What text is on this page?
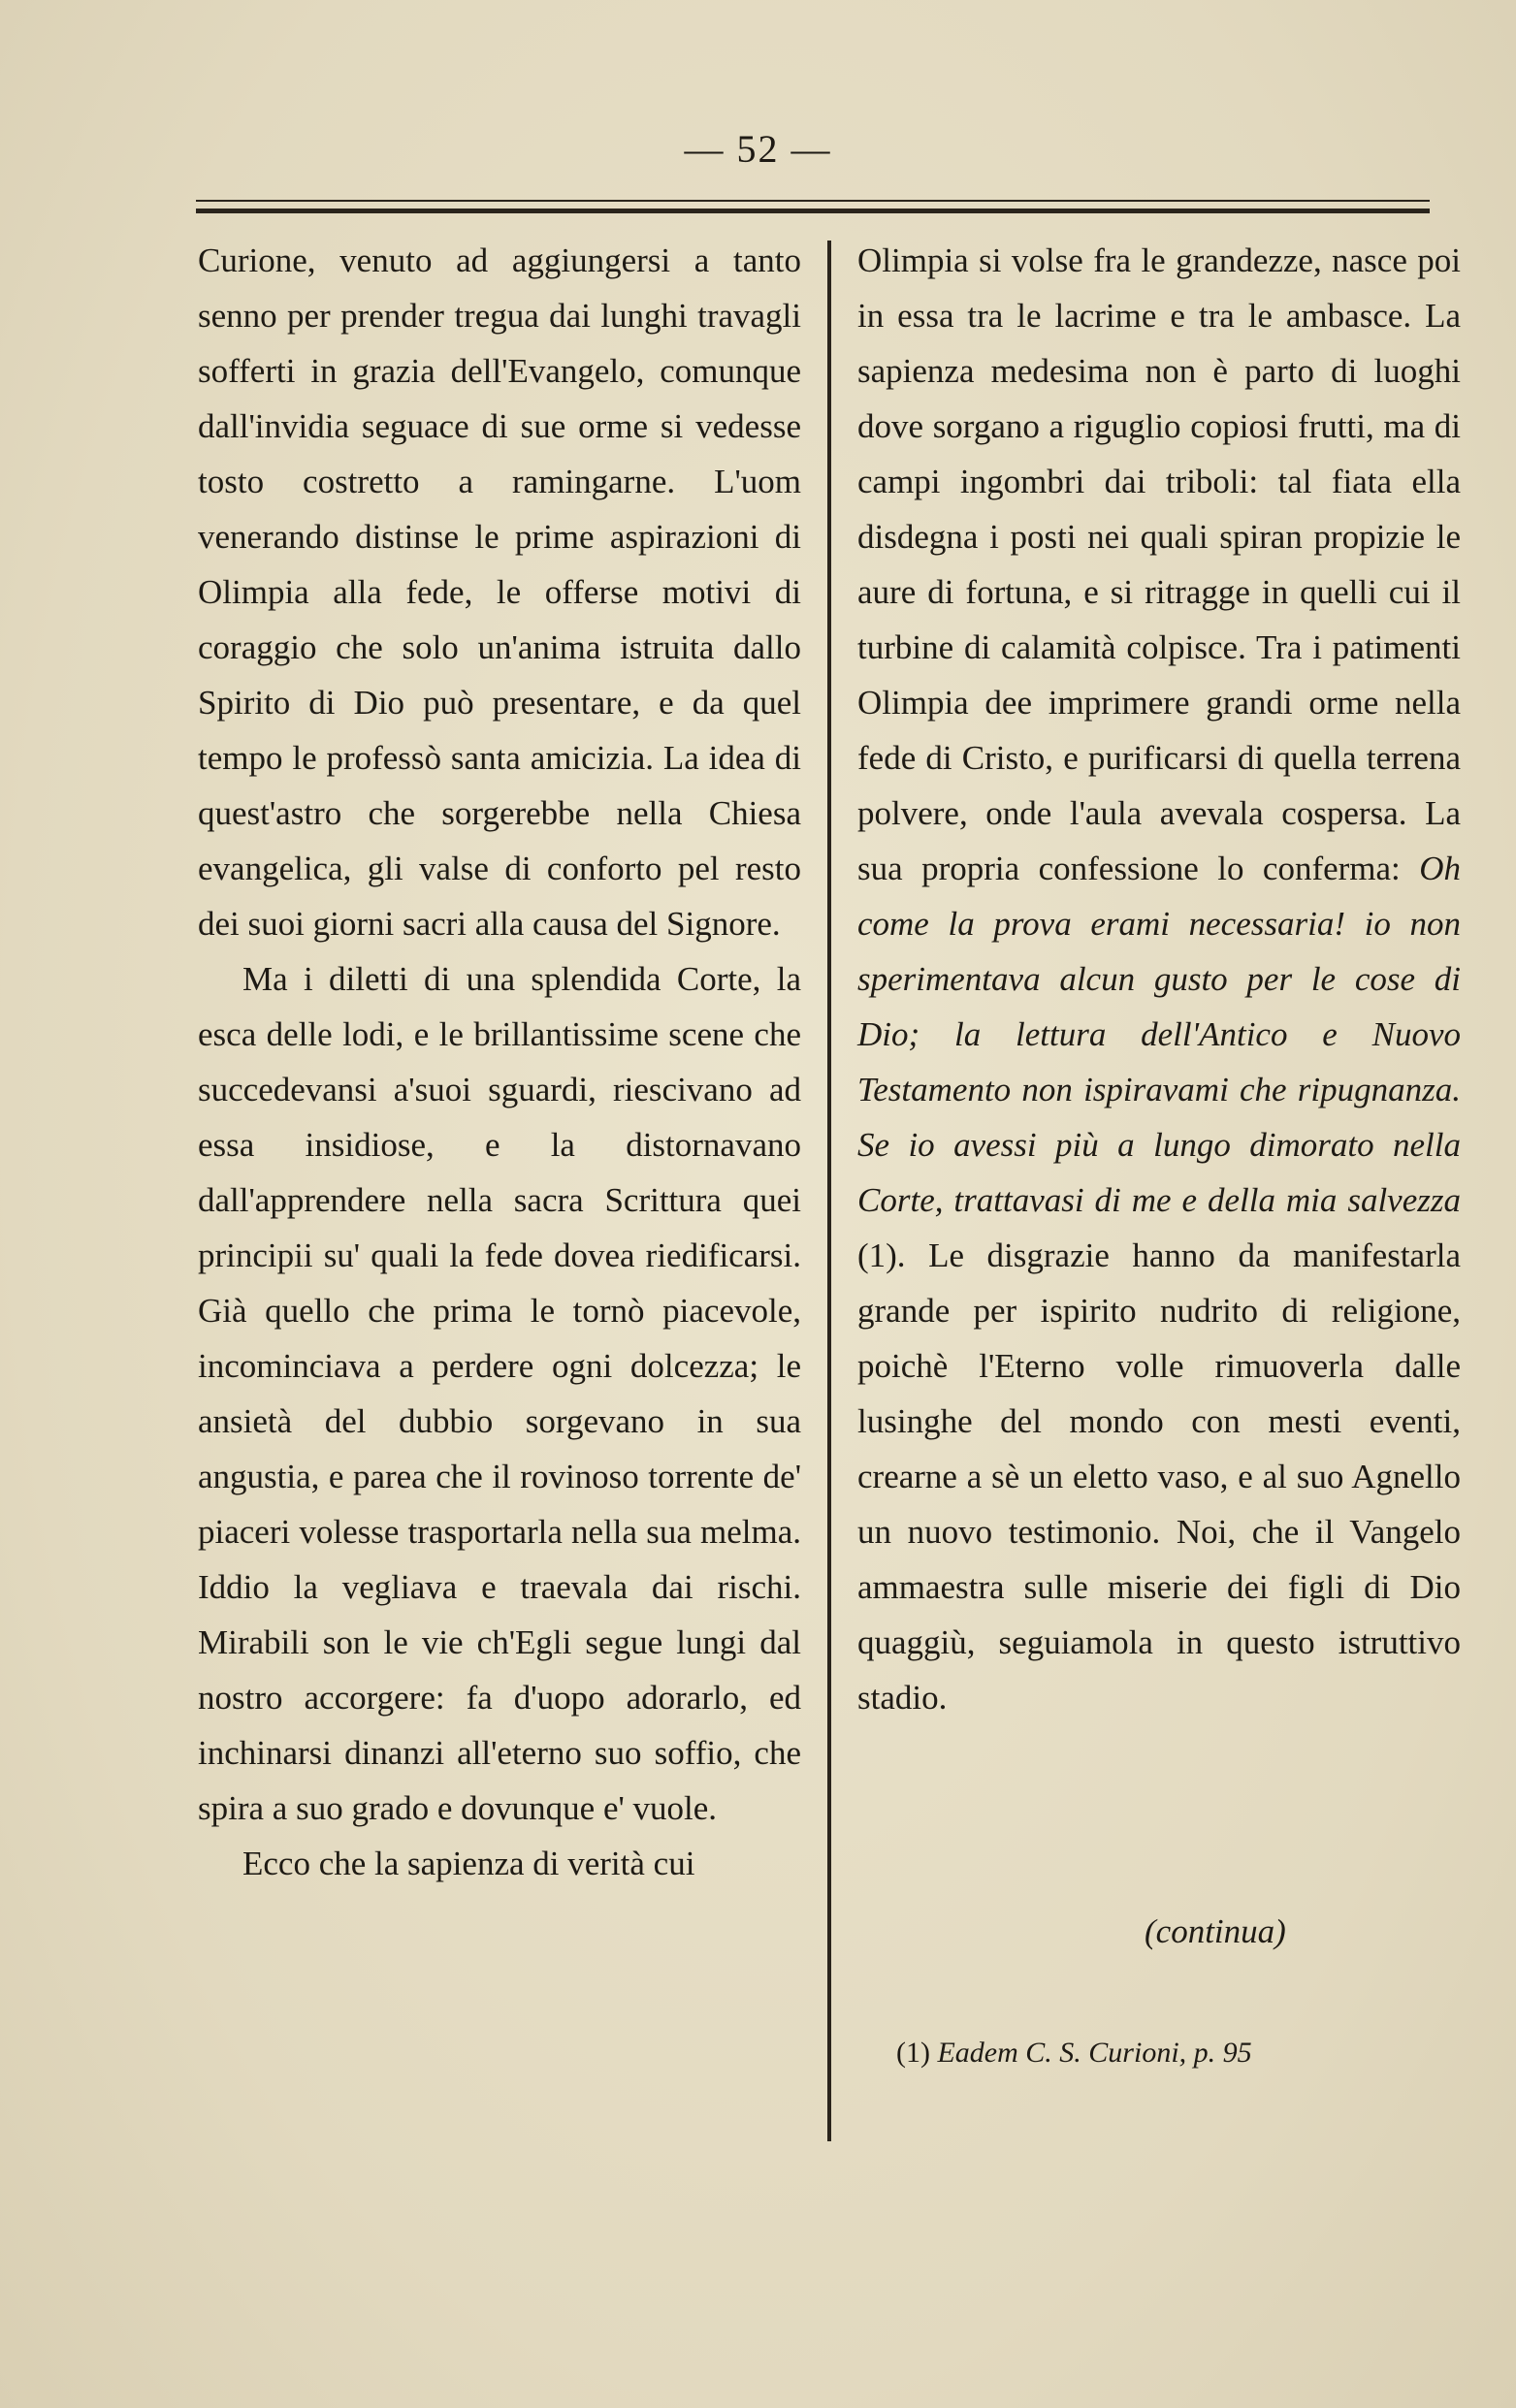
— 52 —

Curione, venuto ad aggiungersi a tanto senno per prender tregua dai lunghi travagli sofferti in grazia dell'Evangelo, comunque dall'invidia seguace di sue orme si vedesse tosto costretto a ramingarne. L'uom venerando distinse le prime aspirazioni di Olimpia alla fede, le offerse motivi di coraggio che solo un'anima istruita dallo Spirito di Dio può presentare, e da quel tempo le professò santa amicizia. La idea di quest'astro che sorgerebbe nella Chiesa evangelica, gli valse di conforto pel resto dei suoi giorni sacri alla causa del Signore.

Ma i diletti di una splendida Corte, la esca delle lodi, e le brillantissime scene che succedevansi a'suoi sguardi, riescivano ad essa insidiose, e la distornavano dall'apprendere nella sacra Scrittura quei principii su' quali la fede dovea riedificarsi. Già quello che prima le tornò piacevole, incominciava a perdere ogni dolcezza; le ansietà del dubbio sorgevano in sua angustia, e parea che il rovinoso torrente de' piaceri volesse trasportarla nella sua melma. Iddio la vegliava e traevala dai rischi. Mirabili son le vie ch'Egli segue lungi dal nostro accorgere: fa d'uopo adorarlo, ed inchinarsi dinanzi all'eterno suo soffio, che spira a suo grado e dovunque e' vuole.

Ecco che la sapienza di verità cui

Olimpia si volse fra le grandezze, nasce poi in essa tra le lacrime e tra le ambasce. La sapienza medesima non è parto di luoghi dove sorgano a riguglio copiosi frutti, ma di campi ingombri dai triboli: tal fiata ella disdegna i posti nei quali spiran propizie le aure di fortuna, e si ritragge in quelli cui il turbine di calamità colpisce. Tra i patimenti Olimpia dee imprimere grandi orme nella fede di Cristo, e purificarsi di quella terrena polvere, onde l'aula avevala cospersa. La sua propria confessione lo conferma: Oh come la prova erami necessaria! io non sperimentava alcun gusto per le cose di Dio; la lettura dell'Antico e Nuovo Testamento non ispiravami che ripugnanza. Se io avessi più a lungo dimorato nella Corte, trattavasi di me e della mia salvezza (1). Le disgrazie hanno da manifestarla grande per ispirito nudrito di religione, poichè l'Eterno volle rimuoverla dalle lusinghe del mondo con mesti eventi, crearne a sè un eletto vaso, e al suo Agnello un nuovo testimonio. Noi, che il Vangelo ammaestra sulle miserie dei figli di Dio quaggiù, seguiamola in questo istruttivo stadio.

(continua)
(1) Eadem C. S. Curioni, p. 95
